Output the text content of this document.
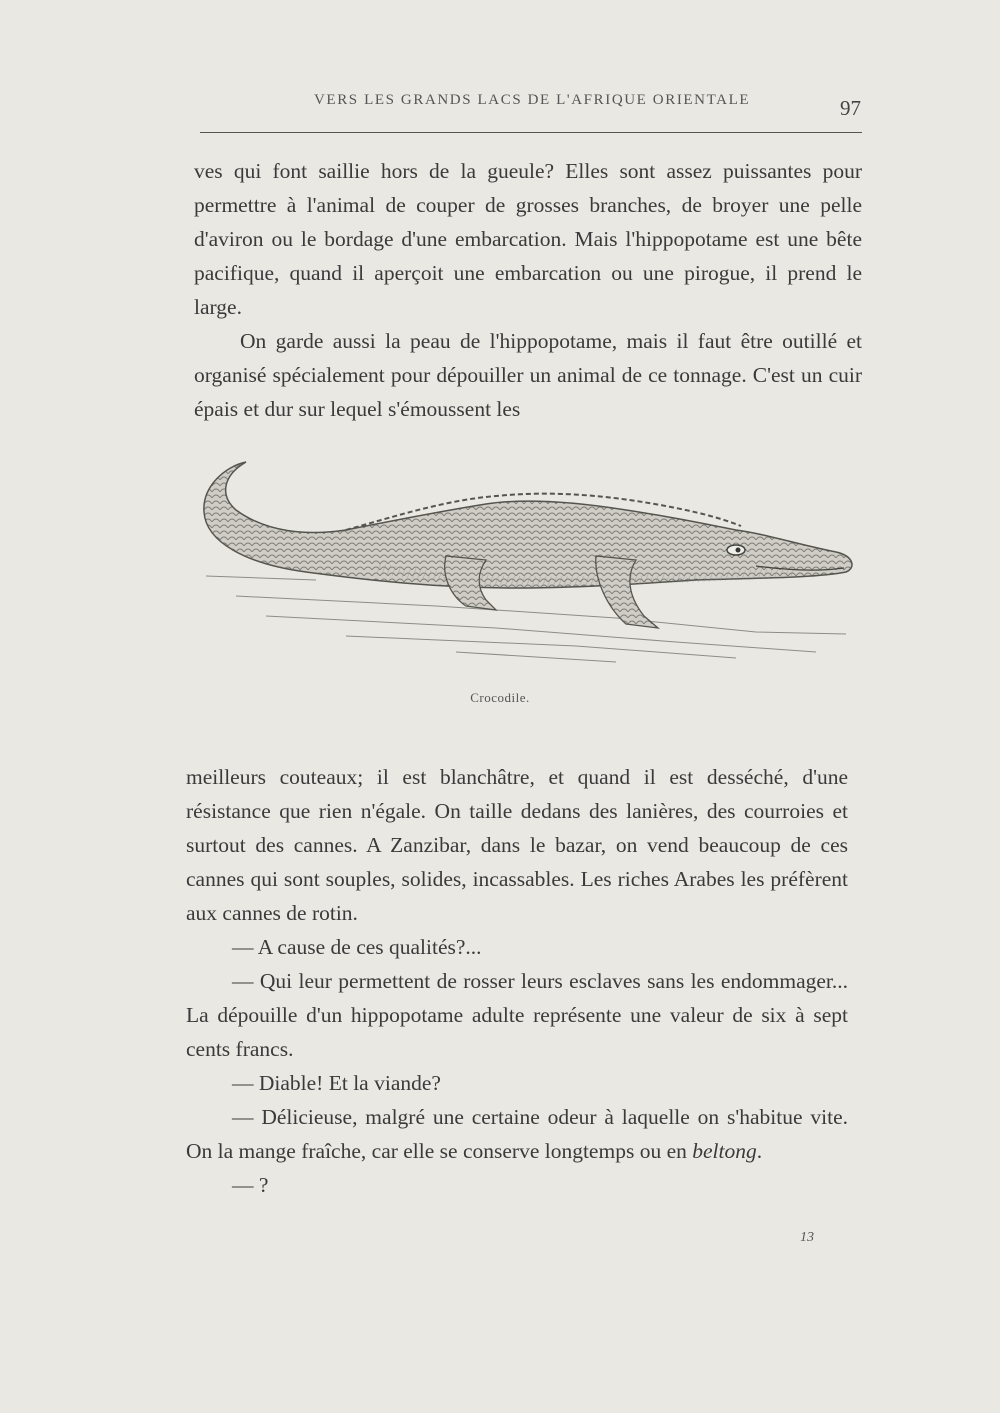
VERS LES GRANDS LACS DE L'AFRIQUE ORIENTALE	97

ves qui font saillie hors de la gueule? Elles sont assez puissantes pour permettre à l'animal de couper de grosses branches, de broyer une pelle d'aviron ou le bordage d'une embarcation. Mais l'hippopotame est une bête pacifique, quand il aperçoit une embarcation ou une pirogue, il prend le large.

On garde aussi la peau de l'hippopotame, mais il faut être outillé et organisé spécialement pour dépouiller un animal de ce tonnage. C'est un cuir épais et dur sur lequel s'émoussent les

Crocodile.

meilleurs couteaux; il est blanchâtre, et quand il est desséché, d'une résistance que rien n'égale. On taille dedans des lanières, des courroies et surtout des cannes. A Zanzibar, dans le bazar, on vend beaucoup de ces cannes qui sont souples, solides, incassables. Les riches Arabes les préfèrent aux cannes de rotin.

— A cause de ces qualités?...

— Qui leur permettent de rosser leurs esclaves sans les endommager... La dépouille d'un hippopotame adulte représente une valeur de six à sept cents francs.

— Diable! Et la viande?

— Délicieuse, malgré une certaine odeur à laquelle on s'habitue vite. On la mange fraîche, car elle se conserve longtemps ou en beltong.

— ?

13
